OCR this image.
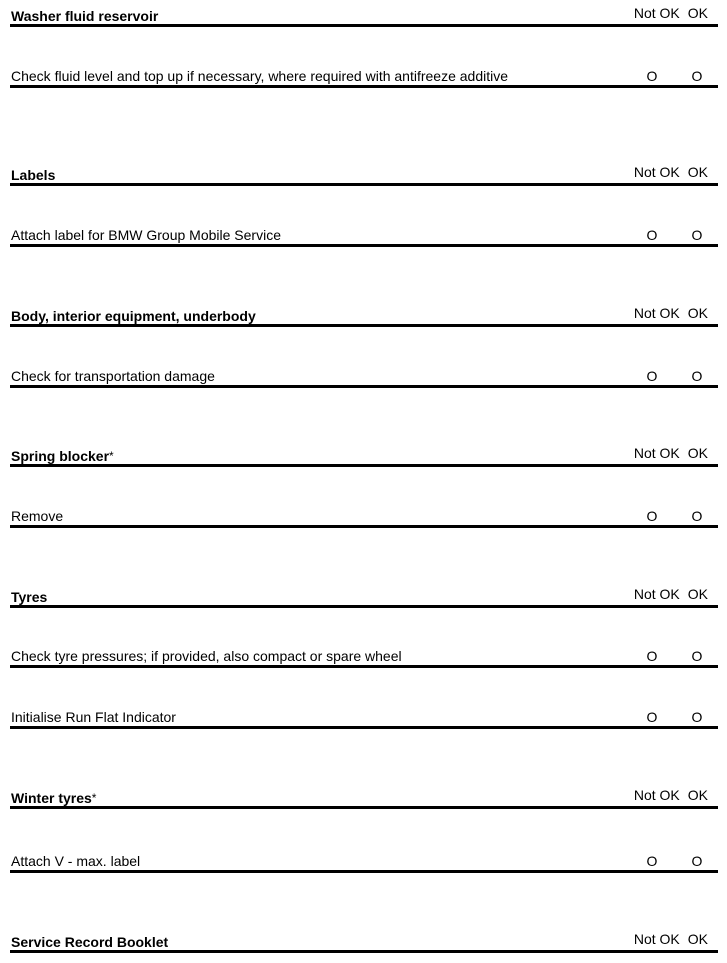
Washer fluid reservoir	Not OK OK
Check fluid level and top up if necessary, where required with antifreeze additive	O O
Labels	Not OK OK
Attach label for BMW Group Mobile Service	O O
Body, interior equipment, underbody	Not OK OK
Check for transportation damage	O O
Spring blocker*	Not OK OK
Remove	O O
Tyres	Not OK OK
Check tyre pressures; if provided, also compact or spare wheel	O O
Initialise Run Flat Indicator	O O
Winter tyres*	Not OK OK
Attach V - max. label	O O
Service Record Booklet	Not OK OK
